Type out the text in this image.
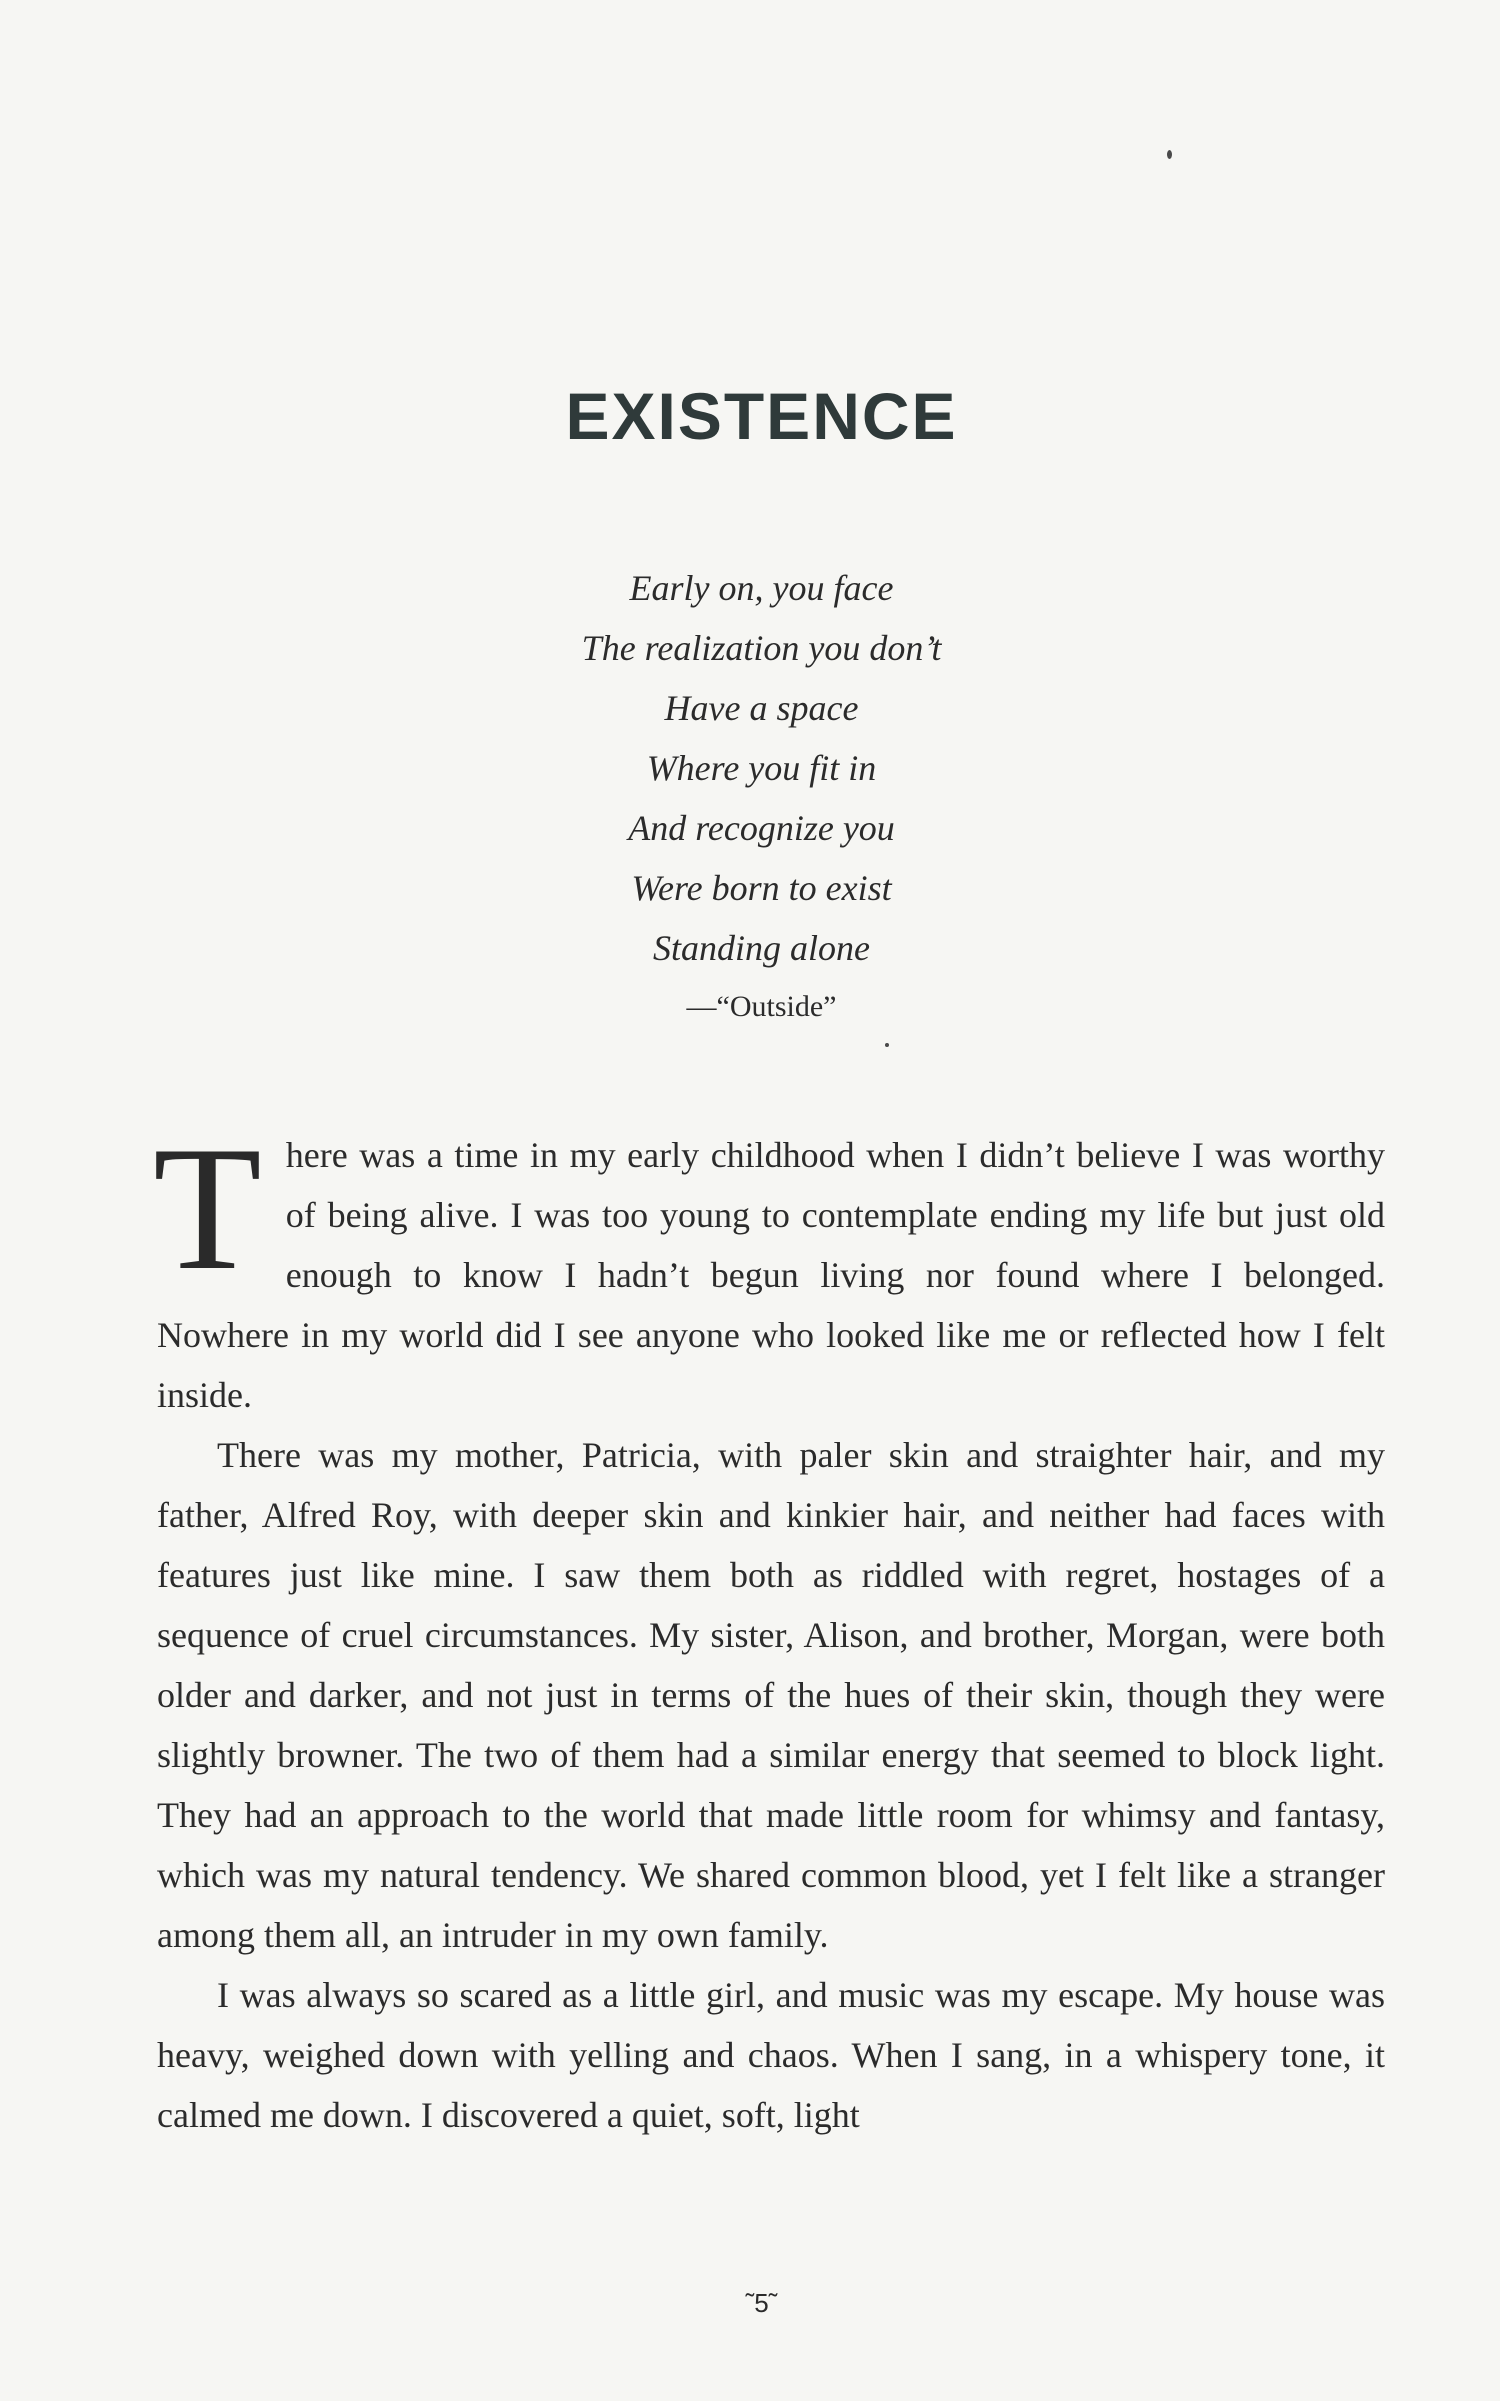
EXISTENCE
Early on, you face
The realization you don’t
Have a space
Where you fit in
And recognize you
Were born to exist
Standing alone
—“Outside”

There was a time in my early childhood when I didn’t believe I was worthy of being alive. I was too young to contemplate ending my life but just old enough to know I hadn’t begun living nor found where I belonged. Nowhere in my world did I see anyone who looked like me or reflected how I felt inside.

There was my mother, Patricia, with paler skin and straighter hair, and my father, Alfred Roy, with deeper skin and kinkier hair, and neither had faces with features just like mine. I saw them both as riddled with regret, hostages of a sequence of cruel circumstances. My sister, Alison, and brother, Morgan, were both older and darker, and not just in terms of the hues of their skin, though they were slightly browner. The two of them had a similar energy that seemed to block light. They had an approach to the world that made little room for whimsy and fantasy, which was my natural tendency. We shared common blood, yet I felt like a stranger among them all, an intruder in my own family.

I was always so scared as a little girl, and music was my escape. My house was heavy, weighed down with yelling and chaos. When I sang, in a whispery tone, it calmed me down. I discovered a quiet, soft, light

˜5˜
